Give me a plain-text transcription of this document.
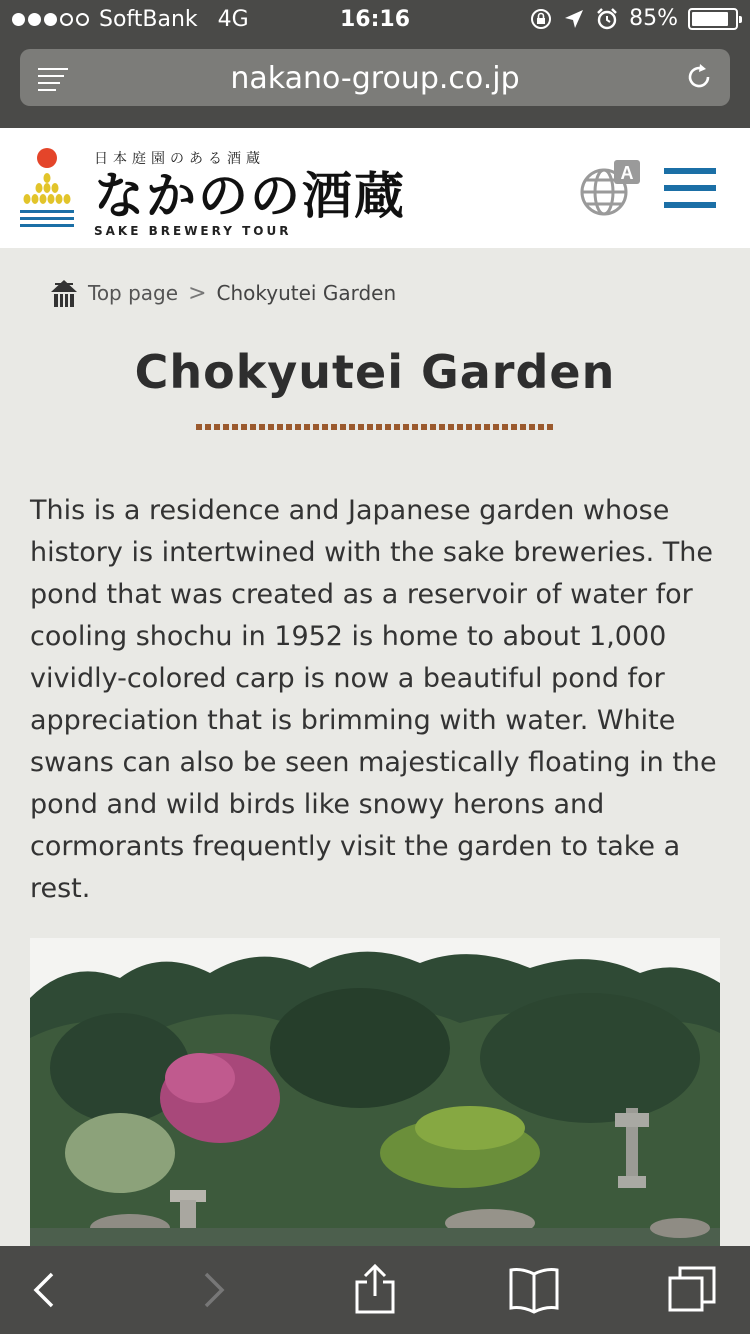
SoftBank 4G	16:16	85%
nakano-group.co.jp
日本庭園のある酒蔵
なかのの酒蔵
SAKE BREWERY TOUR
A
Top page > Chokyutei Garden
Chokyutei Garden

This is a residence and Japanese garden whose history is intertwined with the sake breweries. The pond that was created as a reservoir of water for cooling shochu in 1952 is home to about 1,000 vividly-colored carp is now a beautiful pond for appreciation that is brimming with water. White swans can also be seen majestically floating in the pond and wild birds like snowy herons and cormorants frequently visit the garden to take a rest.
